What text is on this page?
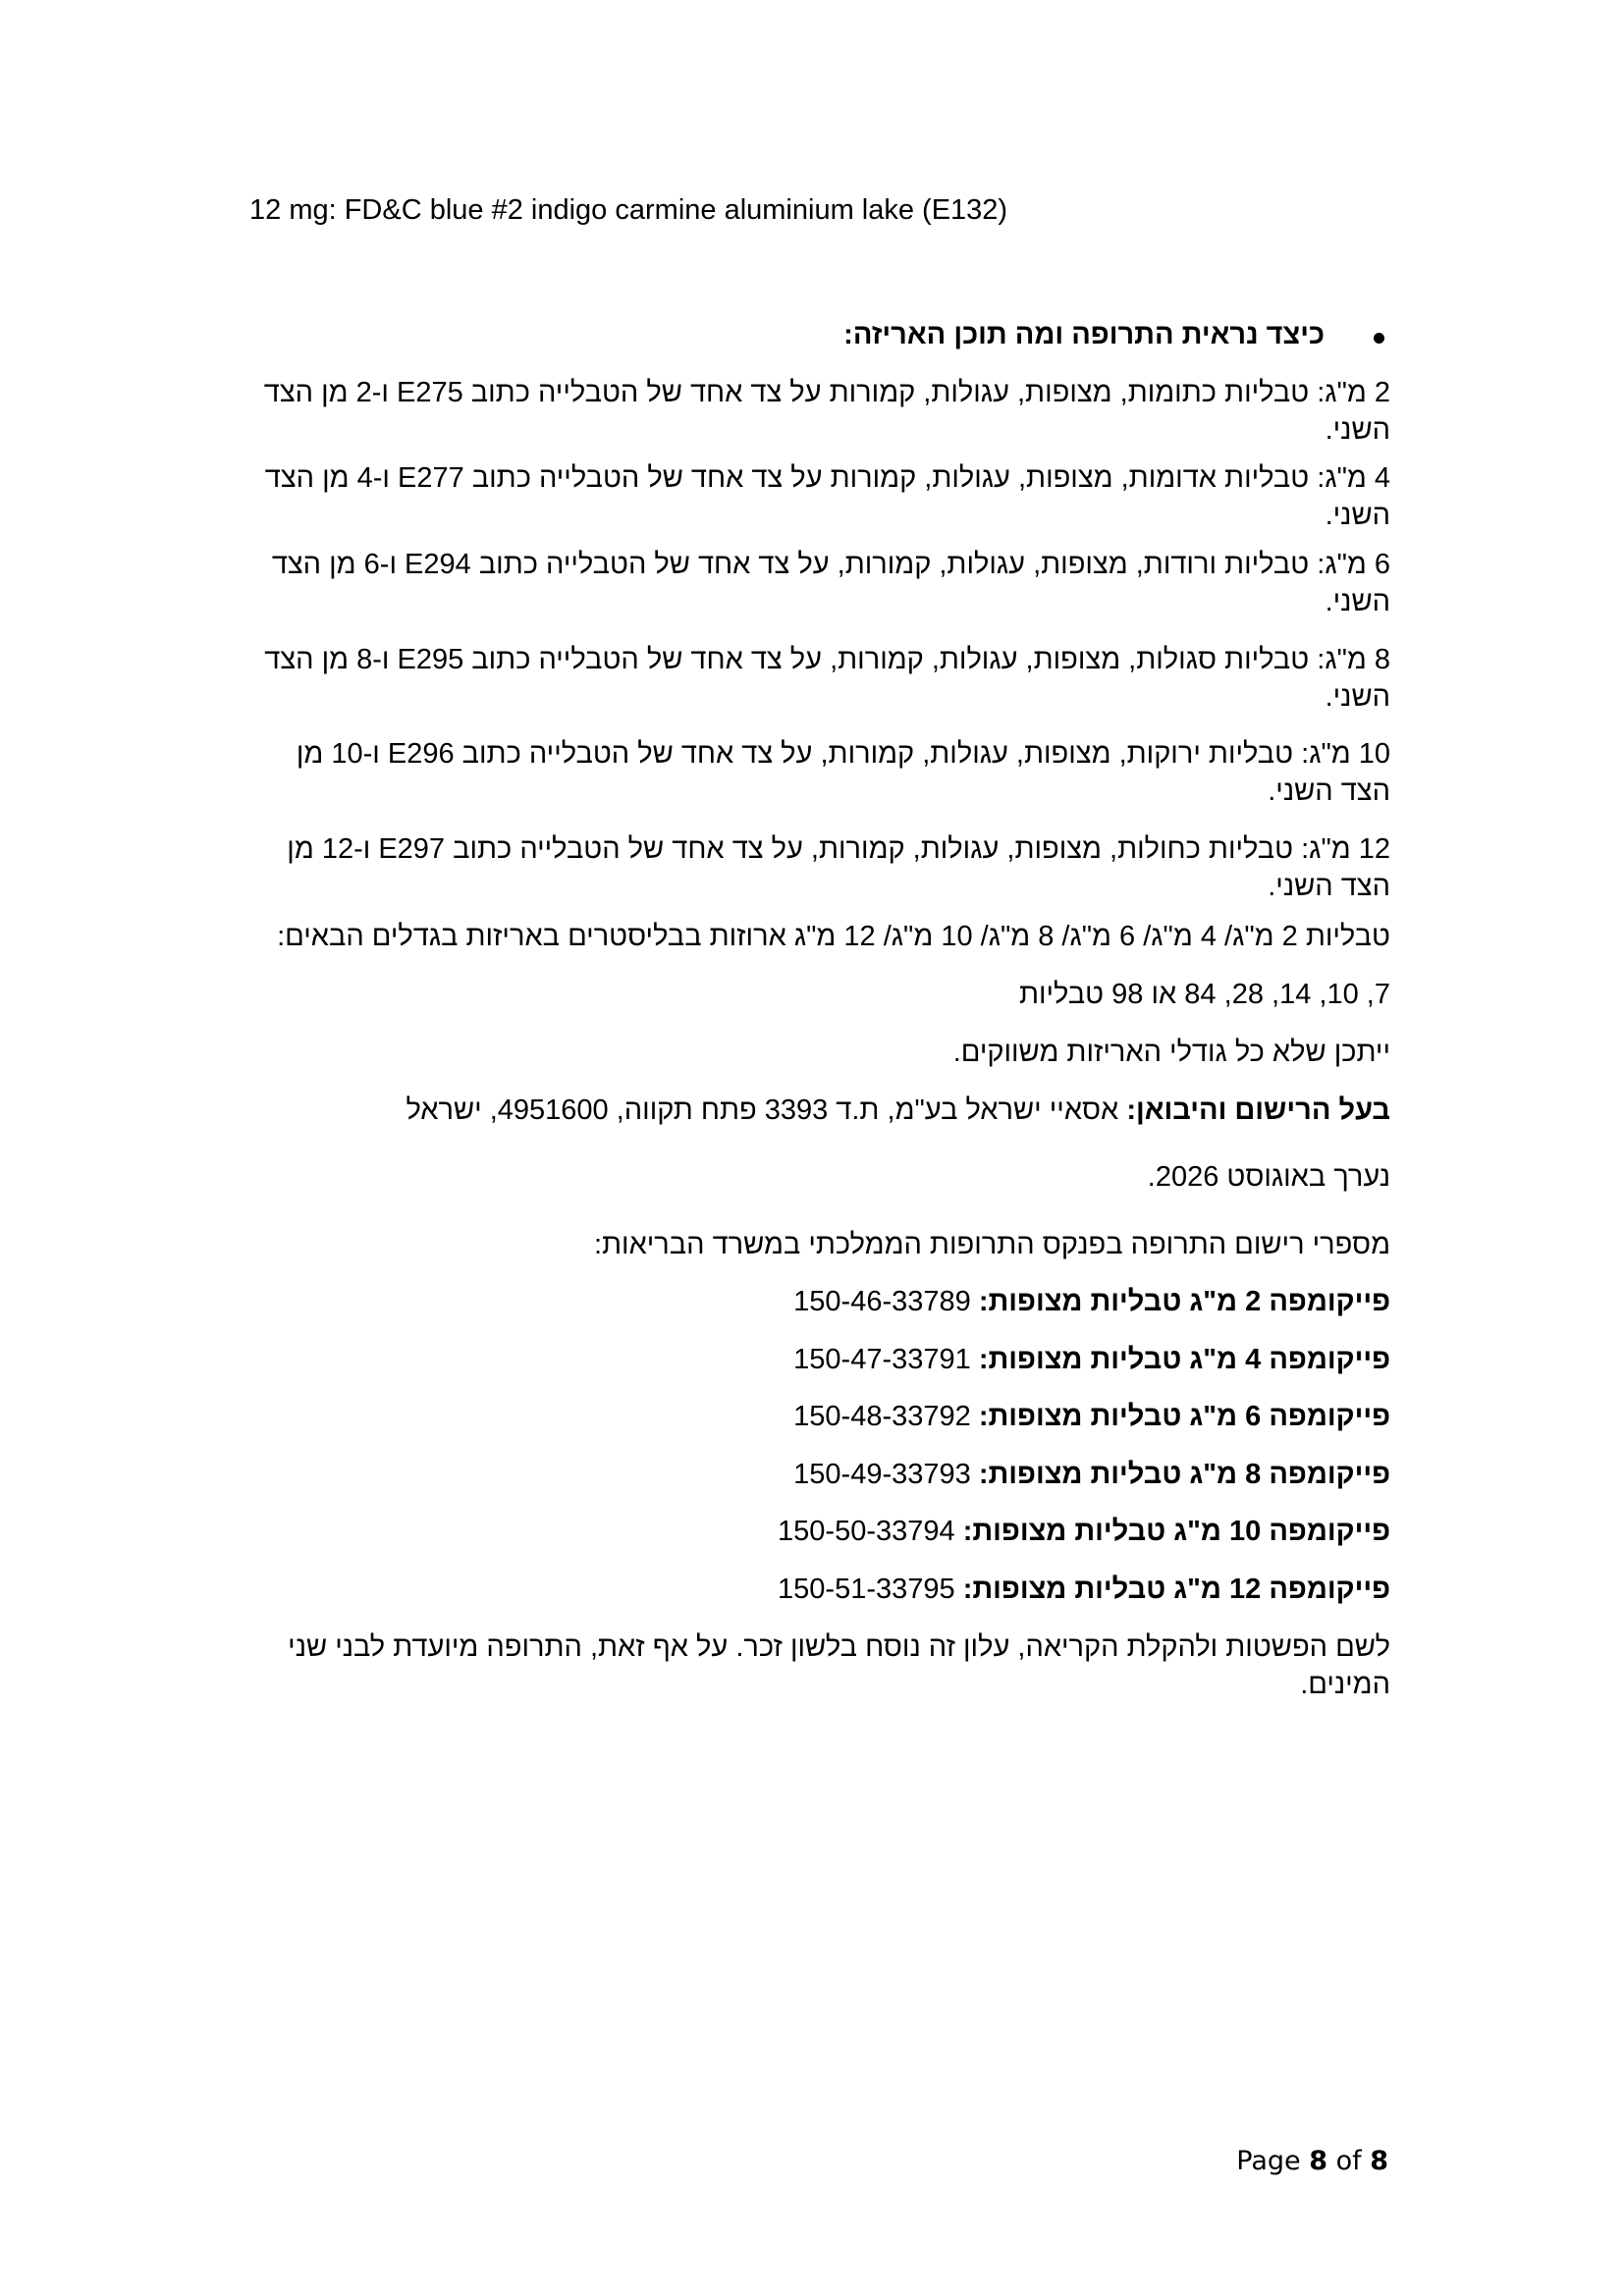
12 mg: FD&C blue #2 indigo carmine aluminium lake (E132)
כיצד נראית התרופה ומה תוכן האריזה:
2 מ"ג: טבליות כתומות, מצופות, עגולות, קמורות על צד אחד של הטבלייה כתוב E275 ו-2 מן הצד השני.
4 מ"ג: טבליות אדומות, מצופות, עגולות, קמורות על צד אחד של הטבלייה כתוב E277 ו-4 מן הצד השני.
6 מ"ג: טבליות ורודות, מצופות, עגולות, קמורות, על צד אחד של הטבלייה כתוב E294 ו-6 מן הצד השני.
8 מ"ג: טבליות סגולות, מצופות, עגולות, קמורות, על צד אחד של הטבלייה כתוב E295 ו-8 מן הצד השני.
10 מ"ג: טבליות ירוקות, מצופות, עגולות, קמורות, על צד אחד של הטבלייה כתוב E296 ו-10 מן הצד השני.
12 מ"ג: טבליות כחולות, מצופות, עגולות, קמורות, על צד אחד של הטבלייה כתוב E297 ו-12 מן הצד השני.
טבליות 2 מ"ג/ 4 מ"ג/ 6 מ"ג/ 8 מ"ג/ 10 מ"ג/ 12 מ"ג ארוזות בבליסטרים באריזות בגדלים הבאים:
7, 10, 14, 28, 84 או 98 טבליות
ייתכן שלא כל גודלי האריזות משווקים.
בעל הרישום והיבואן: אסאיי ישראל בע"מ, ת.ד 3393 פתח תקווה, 4951600, ישראל
נערך באוגוסט 2026.
מספרי רישום התרופה בפנקס התרופות הממלכתי במשרד הבריאות:
פייקומפה 2 מ"ג טבליות מצופות: 150-46-33789
פייקומפה 4 מ"ג טבליות מצופות: 150-47-33791
פייקומפה 6 מ"ג טבליות מצופות: 150-48-33792
פייקומפה 8 מ"ג טבליות מצופות: 150-49-33793
פייקומפה 10 מ"ג טבליות מצופות: 150-50-33794
פייקומפה 12 מ"ג טבליות מצופות: 150-51-33795
לשם הפשטות ולהקלת הקריאה, עלון זה נוסח בלשון זכר. על אף זאת, התרופה מיועדת לבני שני המינים.
Page 8 of 8
